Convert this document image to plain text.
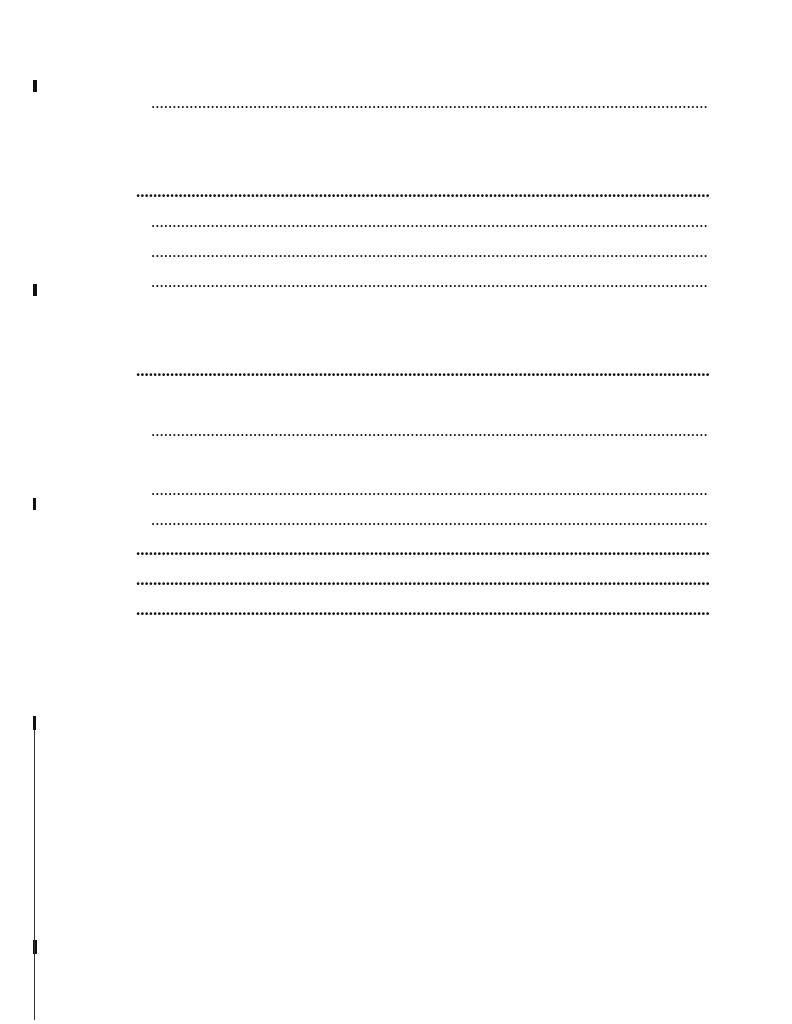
.....
.....
.....
.....
.....
.....
.....
.....
.....
.....
.....
.....
